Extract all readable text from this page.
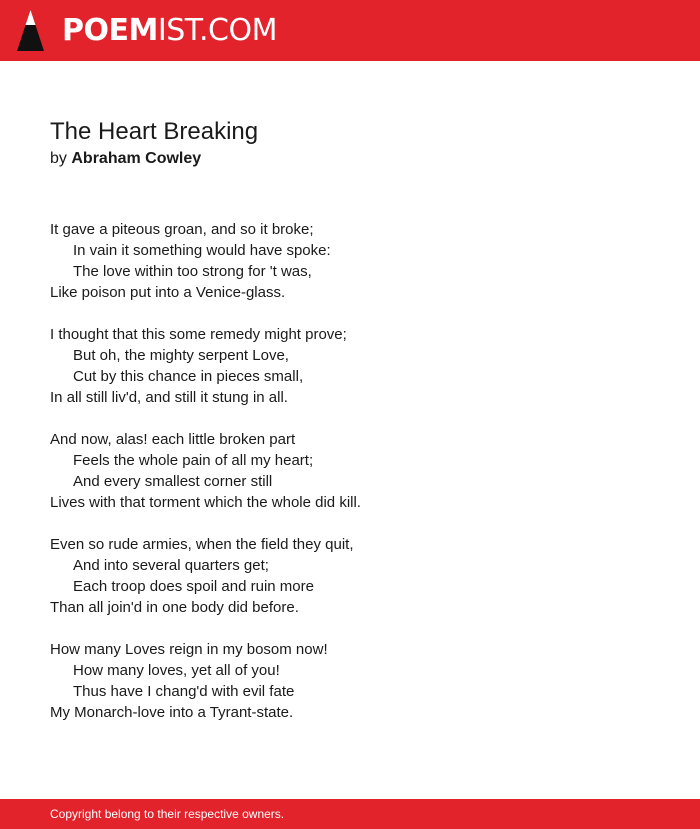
POEMIST.COM
The Heart Breaking
by Abraham Cowley
It gave a piteous groan, and so it broke;
In vain it something would have spoke:
The love within too strong for 't was,
Like poison put into a Venice-glass.
I thought that this some remedy might prove;
But oh, the mighty serpent Love,
Cut by this chance in pieces small,
In all still liv'd, and still it stung in all.
And now, alas! each little broken part
Feels the whole pain of all my heart;
And every smallest corner still
Lives with that torment which the whole did kill.
Even so rude armies, when the field they quit,
And into several quarters get;
Each troop does spoil and ruin more
Than all join'd in one body did before.
How many Loves reign in my bosom now!
How many loves, yet all of you!
Thus have I chang'd with evil fate
My Monarch-love into a Tyrant-state.
Copyright belong to their respective owners.
